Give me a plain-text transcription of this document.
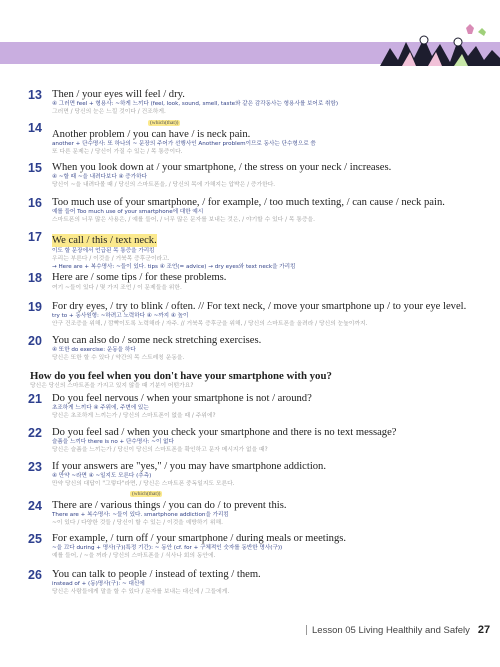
13 Then / your eyes will feel / dry.
④ 그러면 feel + 형용사: ~하게 느끼다 (feel, look, sound, smell, taste와 같은 감각동사는 형용사를 보어로 취함)
그러면 / 당신의 눈은 느낄 것이다 / 건조하게.
14	(which(that))
Another problem / you can have / is neck pain.
another + 단수명사: 또 하나의 ~ 문장의 주어가 선행사인 Another problem이므로 동사는 단수형으로 씀
또 다른 문제는 / 당신이 가질 수 있는 / 목 통증이다.
15 When you look down at / your smartphone, / the stress on your neck / increases.
④ ~할 때 ~을 내려다보다 ④ 증가하다
당신이 ~을 내려다볼 때 / 당신의 스마트폰을, / 당신의 목에 가해지는 압박은 / 증가한다.
16 Too much use of your smartphone, / for example, / too much texting, / can cause / neck pain.
예를 들어 Too much use of your smartphone에 대한 예시
스마트폰의 너무 많은 사용은, / 예를 들어, / 너무 많은 문자를 보내는 것은, / 야기할 수 있다 / 목 통증을.
17 We call / this / text neck.
이도 할 문장에서 언급된 목 통증을 가리킴
우리는 부른다 / 이것을 / 거북목 증후군이라고.
18
→ Here are + 복수명사: ~들이 있다. tips ④ 조언(= advice) → dry eyes와 text neck을 가리킴
Here are / some tips / for these problems.
여기 ~들이 있다 / 몇 가지 조언 / 이 문제들을 위한.
19 For dry eyes, / try to blink / often. // For text neck, / move your smartphone up / to your eye level.
try to + 동사원형: ~하려고 노력하다 ④ ~까지 ④ 높이
안구 건조증을 위해, / 깜빡이도록 노력해라 / 자주. // 거북목 증후군을 위해, / 당신의 스마트폰을 올려라 / 당신의 눈높이까지.
20 You can also do / some neck stretching exercises.
④ 또한 do exercise: 운동을 하다
당신은 또한 할 수 있다 / 약간의 목 스트레칭 운동을.
How do you feel when you don't have your smartphone with you?
당신은 당신의 스마트폰을 가지고 있지 않을 때 기분이 어떤가요?
21 Do you feel nervous / when your smartphone is not / around?
초조하게 느끼다 ④ 주위에, 주변에 있는
당신은 초조하게 느끼는가 / 당신의 스마트폰이 없을 때 / 주위에?
22 Do you feel sad / when you check your smartphone and there is no text message?
슬픔을 느끼다 there is no + 단수명사: ~이 없다
당신은 슬픔을 느끼는가 / 당신이 당신의 스마트폰을 확인하고 문자 메시지가 없을 때?
23 If your answers are "yes," / you may have smartphone addiction.
④ 만약 ~라면 ④ ~일지도 모른다 (추측)
만약 당신의 대답이 "그렇다"라면, / 당신은 스마트폰 중독일지도 모른다.
24
(which(that))
There are / various things / you can do / to prevent this.
There are + 복수명사: ~들이 있다. smartphone addiction을 가리킴
~이 있다 / 다양한 것들 / 당신이 할 수 있는 / 이것을 예방하기 위해.
25 For example, / turn off / your smartphone / during meals or meetings.
~을 끄다 during + 명사(구)(특정 기간): ~ 동안 (cf. for + 구체적인 숫자를 동반한 명사(구))
예를 들어, / ~을 꺼라 / 당신의 스마트폰을 / 식사나 회의 동안에.
26 You can talk to people / instead of texting / them.
instead of + (동)명사(구): ~ 대신에
당신은 사람들에게 말을 할 수 있다 / 문자를 보내는 대신에 / 그들에게.
Lesson 05 Living Healthily and Safely 27
